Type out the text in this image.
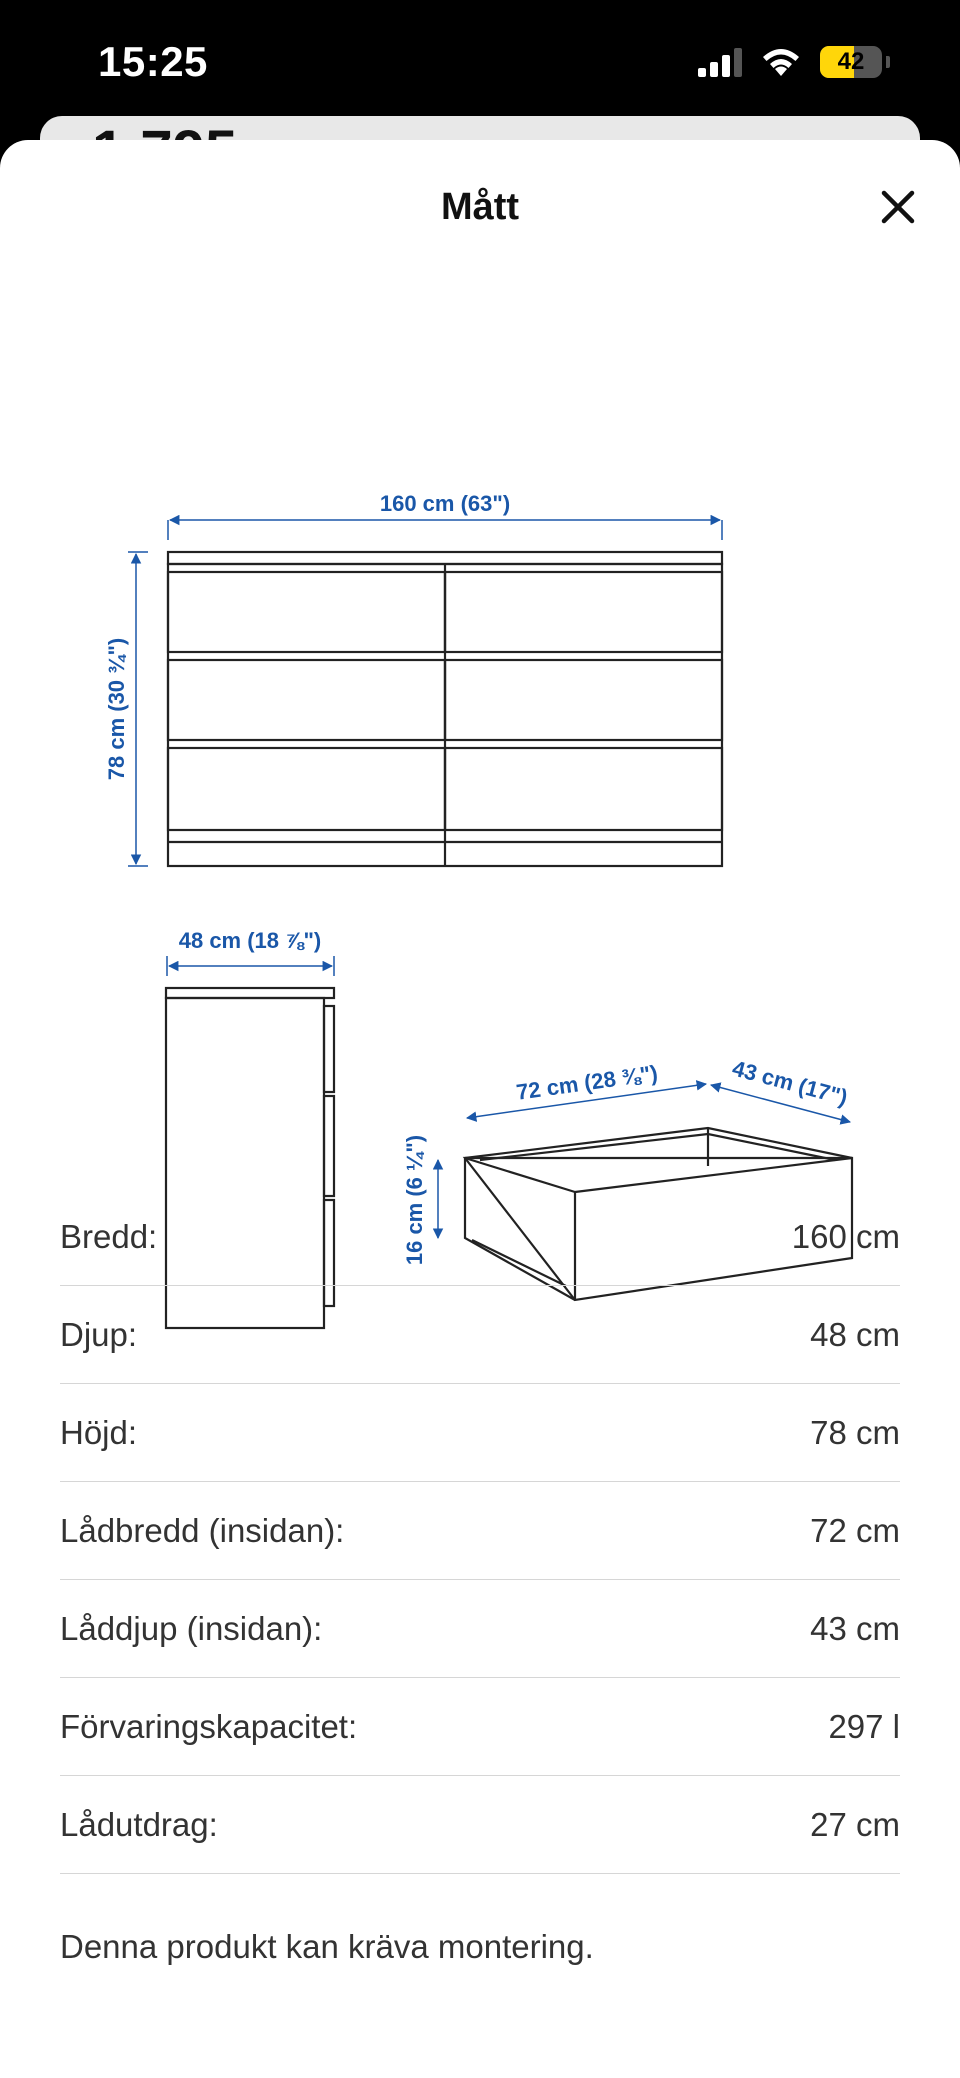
15:25	42
Mått
160 cm (63")
78 cm (30 ¾")
48 cm (18 ⅞")
72 cm (28 ⅜")	43 cm (17")
16 cm (6 ¼")
Bredd:	160 cm
Djup:	48 cm
Höjd:	78 cm
Lådbredd (insidan):	72 cm
Låddjup (insidan):	43 cm
Förvaringskapacitet:	297 l
Lådutdrag:	27 cm
Denna produkt kan kräva montering.
